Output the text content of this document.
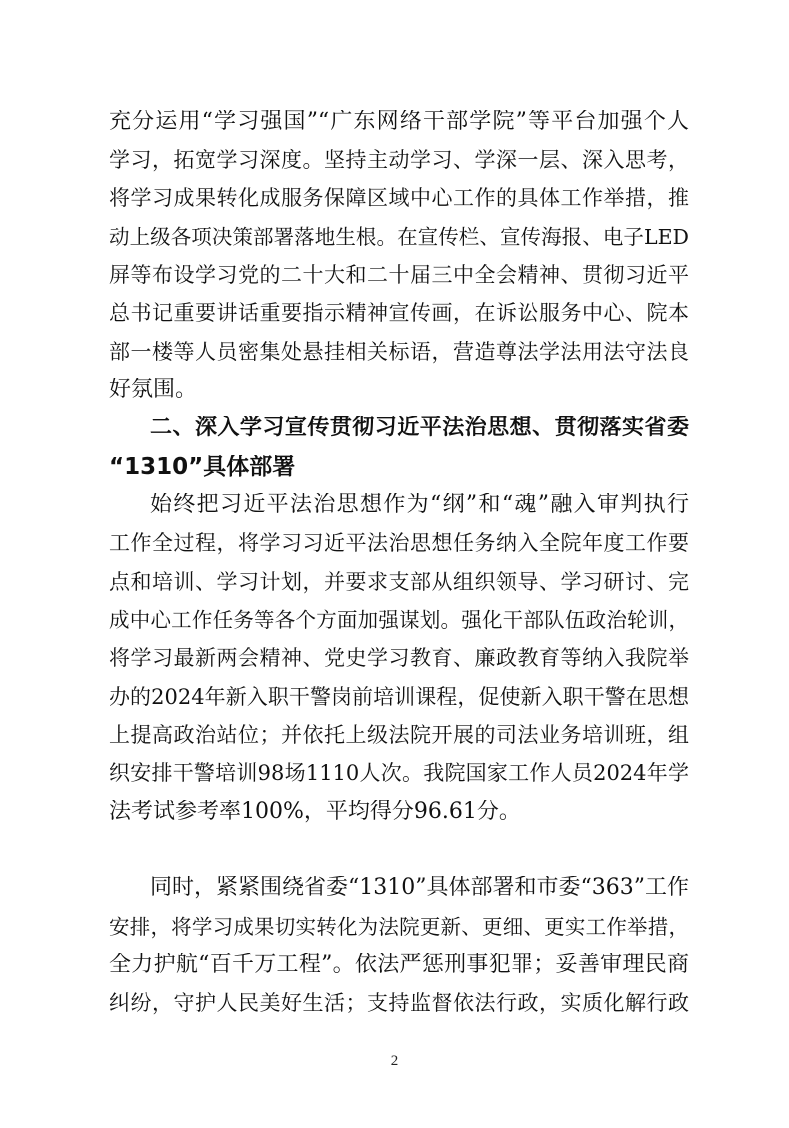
充分运用“学习强国”“广东网络干部学院”等平台加强个人
学习，拓宽学习深度。坚持主动学习、学深一层、深入思考，
将学习成果转化成服务保障区域中心工作的具体工作举措，推
动上级各项决策部署落地生根。在宣传栏、宣传海报、电子LED
屏等布设学习党的二十大和二十届三中全会精神、贯彻习近平
总书记重要讲话重要指示精神宣传画，在诉讼服务中心、院本
部一楼等人员密集处悬挂相关标语，营造尊法学法用法守法良
好氛围。
二、深入学习宣传贯彻习近平法治思想、贯彻落实省委
“1310”具体部署
始终把习近平法治思想作为“纲”和“魂”融入审判执行
工作全过程，将学习习近平法治思想任务纳入全院年度工作要
点和培训、学习计划，并要求支部从组织领导、学习研讨、完
成中心工作任务等各个方面加强谋划。强化干部队伍政治轮训，
将学习最新两会精神、党史学习教育、廉政教育等纳入我院举
办的2024年新入职干警岗前培训课程，促使新入职干警在思想
上提高政治站位；并依托上级法院开展的司法业务培训班，组
织安排干警培训98场1110人次。我院国家工作人员2024年学
法考试参考率100%，平均得分96.61分。
同时，紧紧围绕省委“1310”具体部署和市委“363”工作
安排，将学习成果切实转化为法院更新、更细、更实工作举措，
全力护航“百千万工程”。依法严惩刑事犯罪；妥善审理民商
纠纷，守护人民美好生活；支持监督依法行政，实质化解行政
2
